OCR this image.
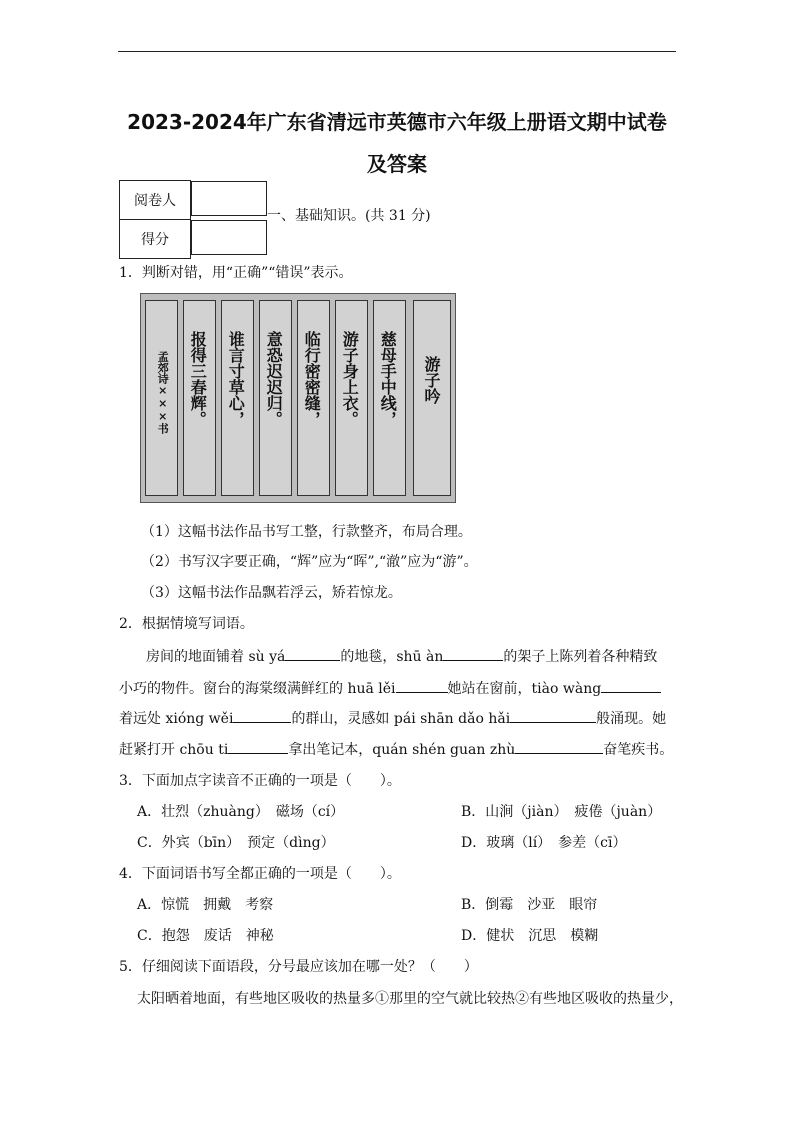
2023-2024年广东省清远市英德市六年级上册语文期中试卷
及答案
阅卷人	
得分	
一、基础知识。(共 31 分)
1．判断对错，用“正确”“错误”表示。
孟郊诗×××书 报得三春辉。 谁言寸草心， 意恐迟迟归。 临行密密缝， 游子身上衣。 慈母手中线， 游子吟
（1）这幅书法作品书写工整，行款整齐，布局合理。
（2）书写汉字要正确，“辉”应为“晖”,“澈”应为“游”。
（3）这幅书法作品飘若浮云，矫若惊龙。
2．根据情境写词语。
房间的地面铺着 sù yá	的地毯，shū àn	的架子上陈列着各种精致
小巧的物件。窗台的海棠缀满鲜红的 huā lěi	她站在窗前，tiào wàng
着远处 xióng wěi	的群山，灵感如 pái shān dǎo hǎi	般涌现。她
赶紧打开 chōu ti	拿出笔记本，quán shén guan zhù	奋笔疾书。
3．下面加点字读音不正确的一项是（　　）。
A．壮烈（zhuàng）　磁场（cí）	B．山涧（jiàn）　疲倦（juàn）
C．外宾（bīn）　预定（dìng）	D．玻璃（lí）　参差（cī）
4．下面词语书写全都正确的一项是（　　）。
A．惊慌　拥戴　考察	B．倒霉　沙亚　眼帘
C．抱怨　废话　神秘	D．健状　沉思　模糊
5．仔细阅读下面语段，分号最应该加在哪一处？（　　）
太阳晒着地面，有些地区吸收的热量多①那里的空气就比较热②有些地区吸收的热量少，
